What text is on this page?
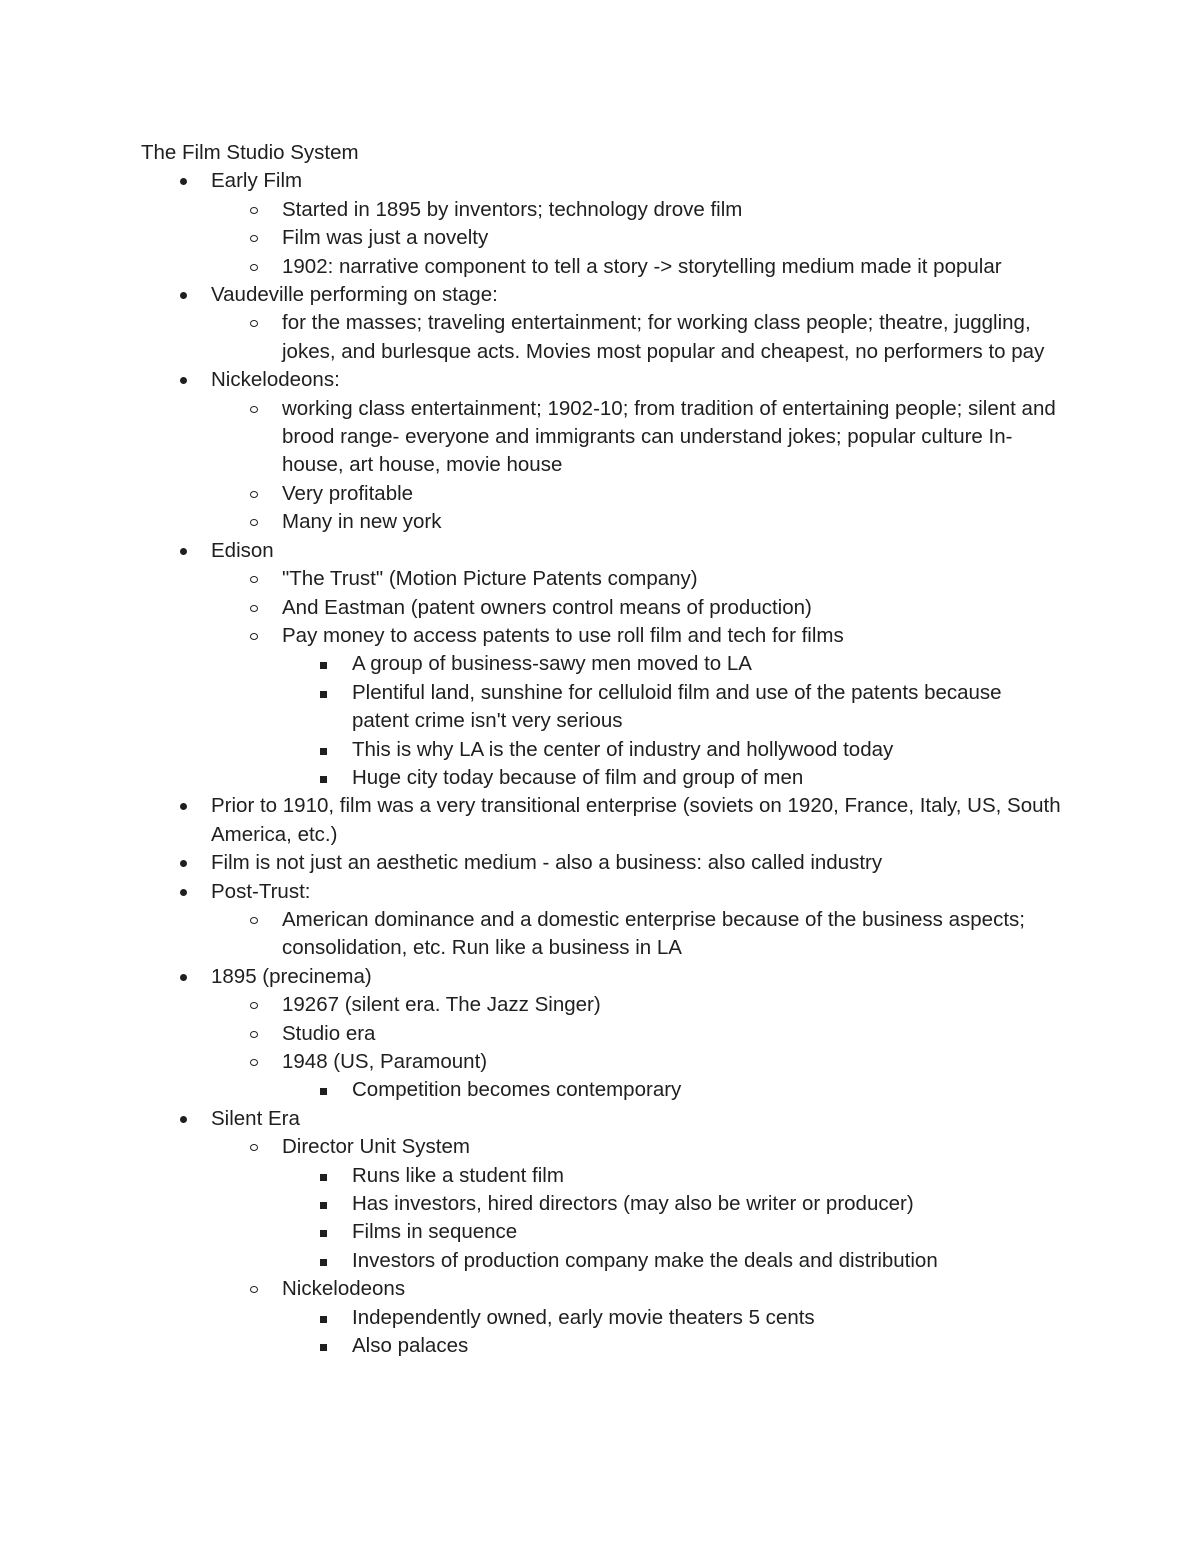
The Film Studio System
Early Film
Started in 1895 by inventors; technology drove film
Film was just a novelty
1902: narrative component to tell a story -> storytelling medium made it popular
Vaudeville performing on stage:
for the masses; traveling entertainment; for working class people; theatre, juggling, jokes, and burlesque acts. Movies most popular and cheapest, no performers to pay
Nickelodeons:
working class entertainment; 1902-10; from tradition of entertaining people; silent and brood range- everyone and immigrants can understand jokes; popular culture In-house, art house, movie house
Very profitable
Many in new york
Edison
"The Trust" (Motion Picture Patents company)
And Eastman (patent owners control means of production)
Pay money to access patents to use roll film and tech for films
A group of business-sawy men moved to LA
Plentiful land, sunshine for celluloid film and use of the patents because patent crime isn't very serious
This is why LA is the center of industry and hollywood today
Huge city today because of film and group of men
Prior to 1910, film was a very transitional enterprise (soviets on 1920, France, Italy, US, South America, etc.)
Film is not just an aesthetic medium - also a business: also called industry
Post-Trust:
American dominance and a domestic enterprise because of the business aspects; consolidation, etc. Run like a business in LA
1895 (precinema)
19267 (silent era. The Jazz Singer)
Studio era
1948 (US, Paramount)
Competition becomes contemporary
Silent Era
Director Unit System
Runs like a student film
Has investors, hired directors (may also be writer or producer)
Films in sequence
Investors of production company make the deals and distribution
Nickelodeons
Independently owned, early movie theaters 5 cents
Also palaces
